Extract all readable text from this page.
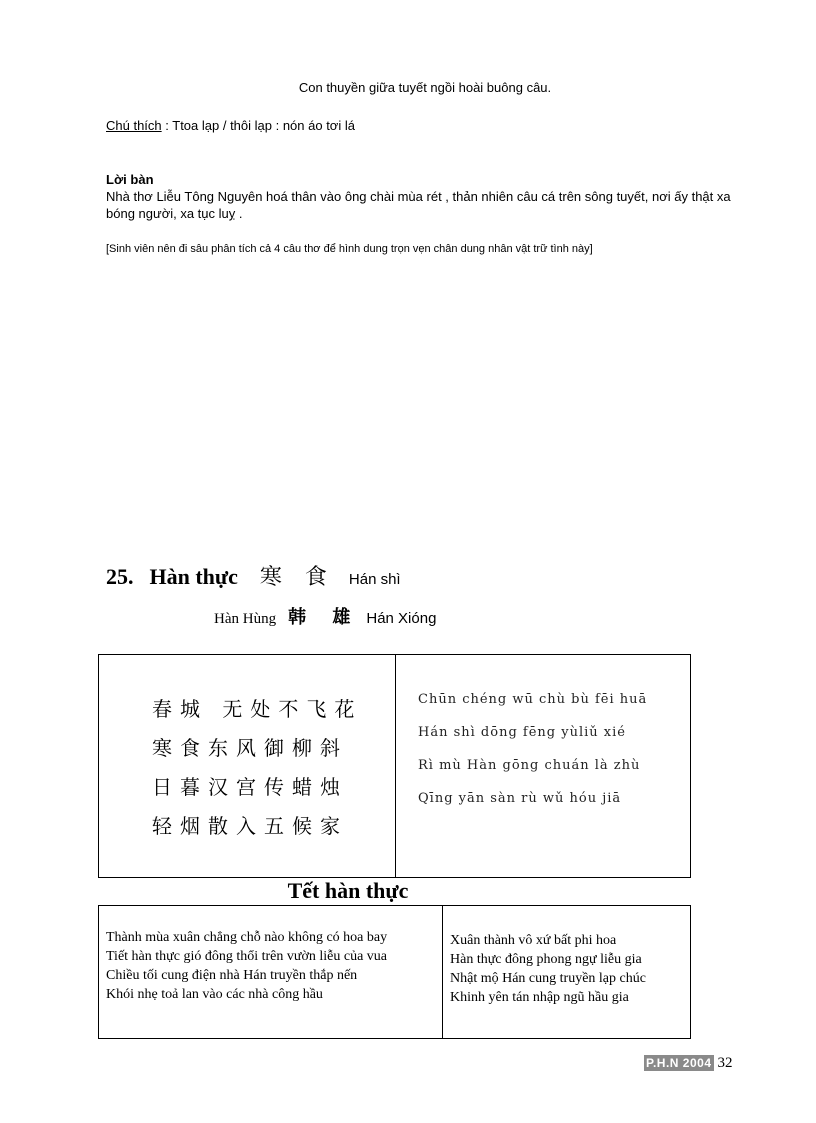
Con thuyền giữa tuyết ngồi hoài buông câu.
Chú thích : Ttoa lạp / thôi lạp : nón áo tơi lá
Lời bàn
Nhà thơ Liễu Tông Nguyên hoá thân vào ông chài mùa rét , thản nhiên câu cá trên sông tuyết, nơi ấy thật xa bóng người, xa tục luỵ .
[Sinh viên nên đi sâu phân tích cả 4 câu thơ để hình dung trọn vẹn chân dung nhân vật trữ tình này]
25. Hàn thực 寒 食 Hán shì
Hàn Hùng 韩 雄 Hán Xióng
春城 无处不飞花
寒食东风御柳斜
日暮汉宫传蜡烛
轻烟散入五候家
Chūn chéng wū chù bù fēi huā
Hán shì dōng fēng yùliǔ xié
Rì mù Hàn gōng chuán là zhù
Qīng yān sàn rù wǔ hóu jiā
Tết hàn thực
Thành mùa xuân chẳng chỗ nào không có hoa bay
Tiết hàn thực gió đông thổi trên vườn liễu của vua
Chiều tối cung điện nhà Hán truyền thắp nến
Khói nhẹ toả lan vào các nhà công hầu
Xuân thành vô xứ bất phi hoa
Hàn thực đông phong ngự liễu gia
Nhật mộ Hán cung truyền lạp chúc
Khinh yên tán nhập ngũ hầu gia
P.H.N 2004 32
